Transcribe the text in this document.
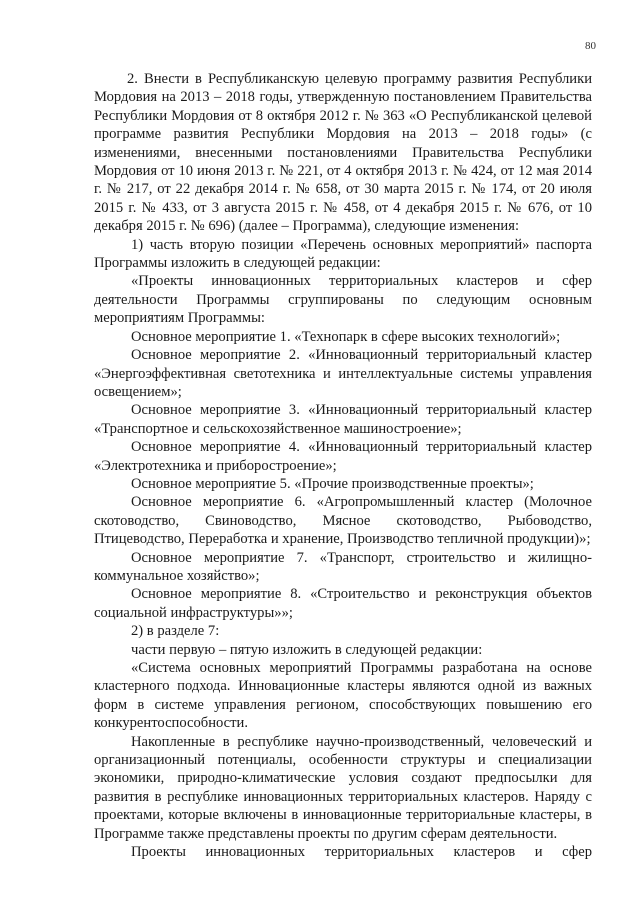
80

2. Внести в Республиканскую целевую программу развития Республики Мордовия на 2013 – 2018 годы, утвержденную постановлением Правительства Республики Мордовия от 8 октября 2012 г. № 363 «О Республиканской целевой программе развития Республики Мордовия на 2013 – 2018 годы» (с изменениями, внесенными постановлениями Правительства Республики Мордовия от 10 июня 2013 г. № 221, от 4 октября 2013 г. № 424, от 12 мая 2014 г. № 217, от 22 декабря 2014 г. № 658, от 30 марта 2015 г. № 174, от 20 июля 2015 г. № 433, от 3 августа 2015 г. № 458, от 4 декабря 2015 г. № 676, от 10 декабря 2015 г. № 696) (далее – Программа), следующие изменения:

1) часть вторую позиции «Перечень основных мероприятий» паспорта Программы изложить в следующей редакции:

«Проекты инновационных территориальных кластеров и сфер деятельности Программы сгруппированы по следующим основным мероприятиям Программы:

Основное мероприятие 1. «Технопарк в сфере высоких технологий»;

Основное мероприятие 2. «Инновационный территориальный кластер «Энергоэффективная светотехника и интеллектуальные системы управления освещением»;

Основное мероприятие 3. «Инновационный территориальный кластер «Транспортное и сельскохозяйственное машиностроение»;

Основное мероприятие 4. «Инновационный территориальный кластер «Электротехника и приборостроение»;

Основное мероприятие 5. «Прочие производственные проекты»;

Основное мероприятие 6. «Агропромышленный кластер (Молочное скотоводство, Свиноводство, Мясное скотоводство, Рыбоводство, Птицеводство, Переработка и хранение, Производство тепличной продукции)»;

Основное мероприятие 7. «Транспорт, строительство и жилищно-коммунальное хозяйство»;

Основное мероприятие 8. «Строительство и реконструкция объектов социальной инфраструктуры»»;

2) в разделе 7:

части первую – пятую изложить в следующей редакции:

«Система основных мероприятий Программы разработана на основе кластерного подхода. Инновационные кластеры являются одной из важных форм в системе управления регионом, способствующих повышению его конкурентоспособности.

Накопленные в республике научно-производственный, человеческий и организационный потенциалы, особенности структуры и специализации экономики, природно-климатические условия создают предпосылки для развития в республике инновационных территориальных кластеров. Наряду с проектами, которые включены в инновационные территориальные кластеры, в Программе также представлены проекты по другим сферам деятельности.

Проекты инновационных территориальных кластеров и сфер
